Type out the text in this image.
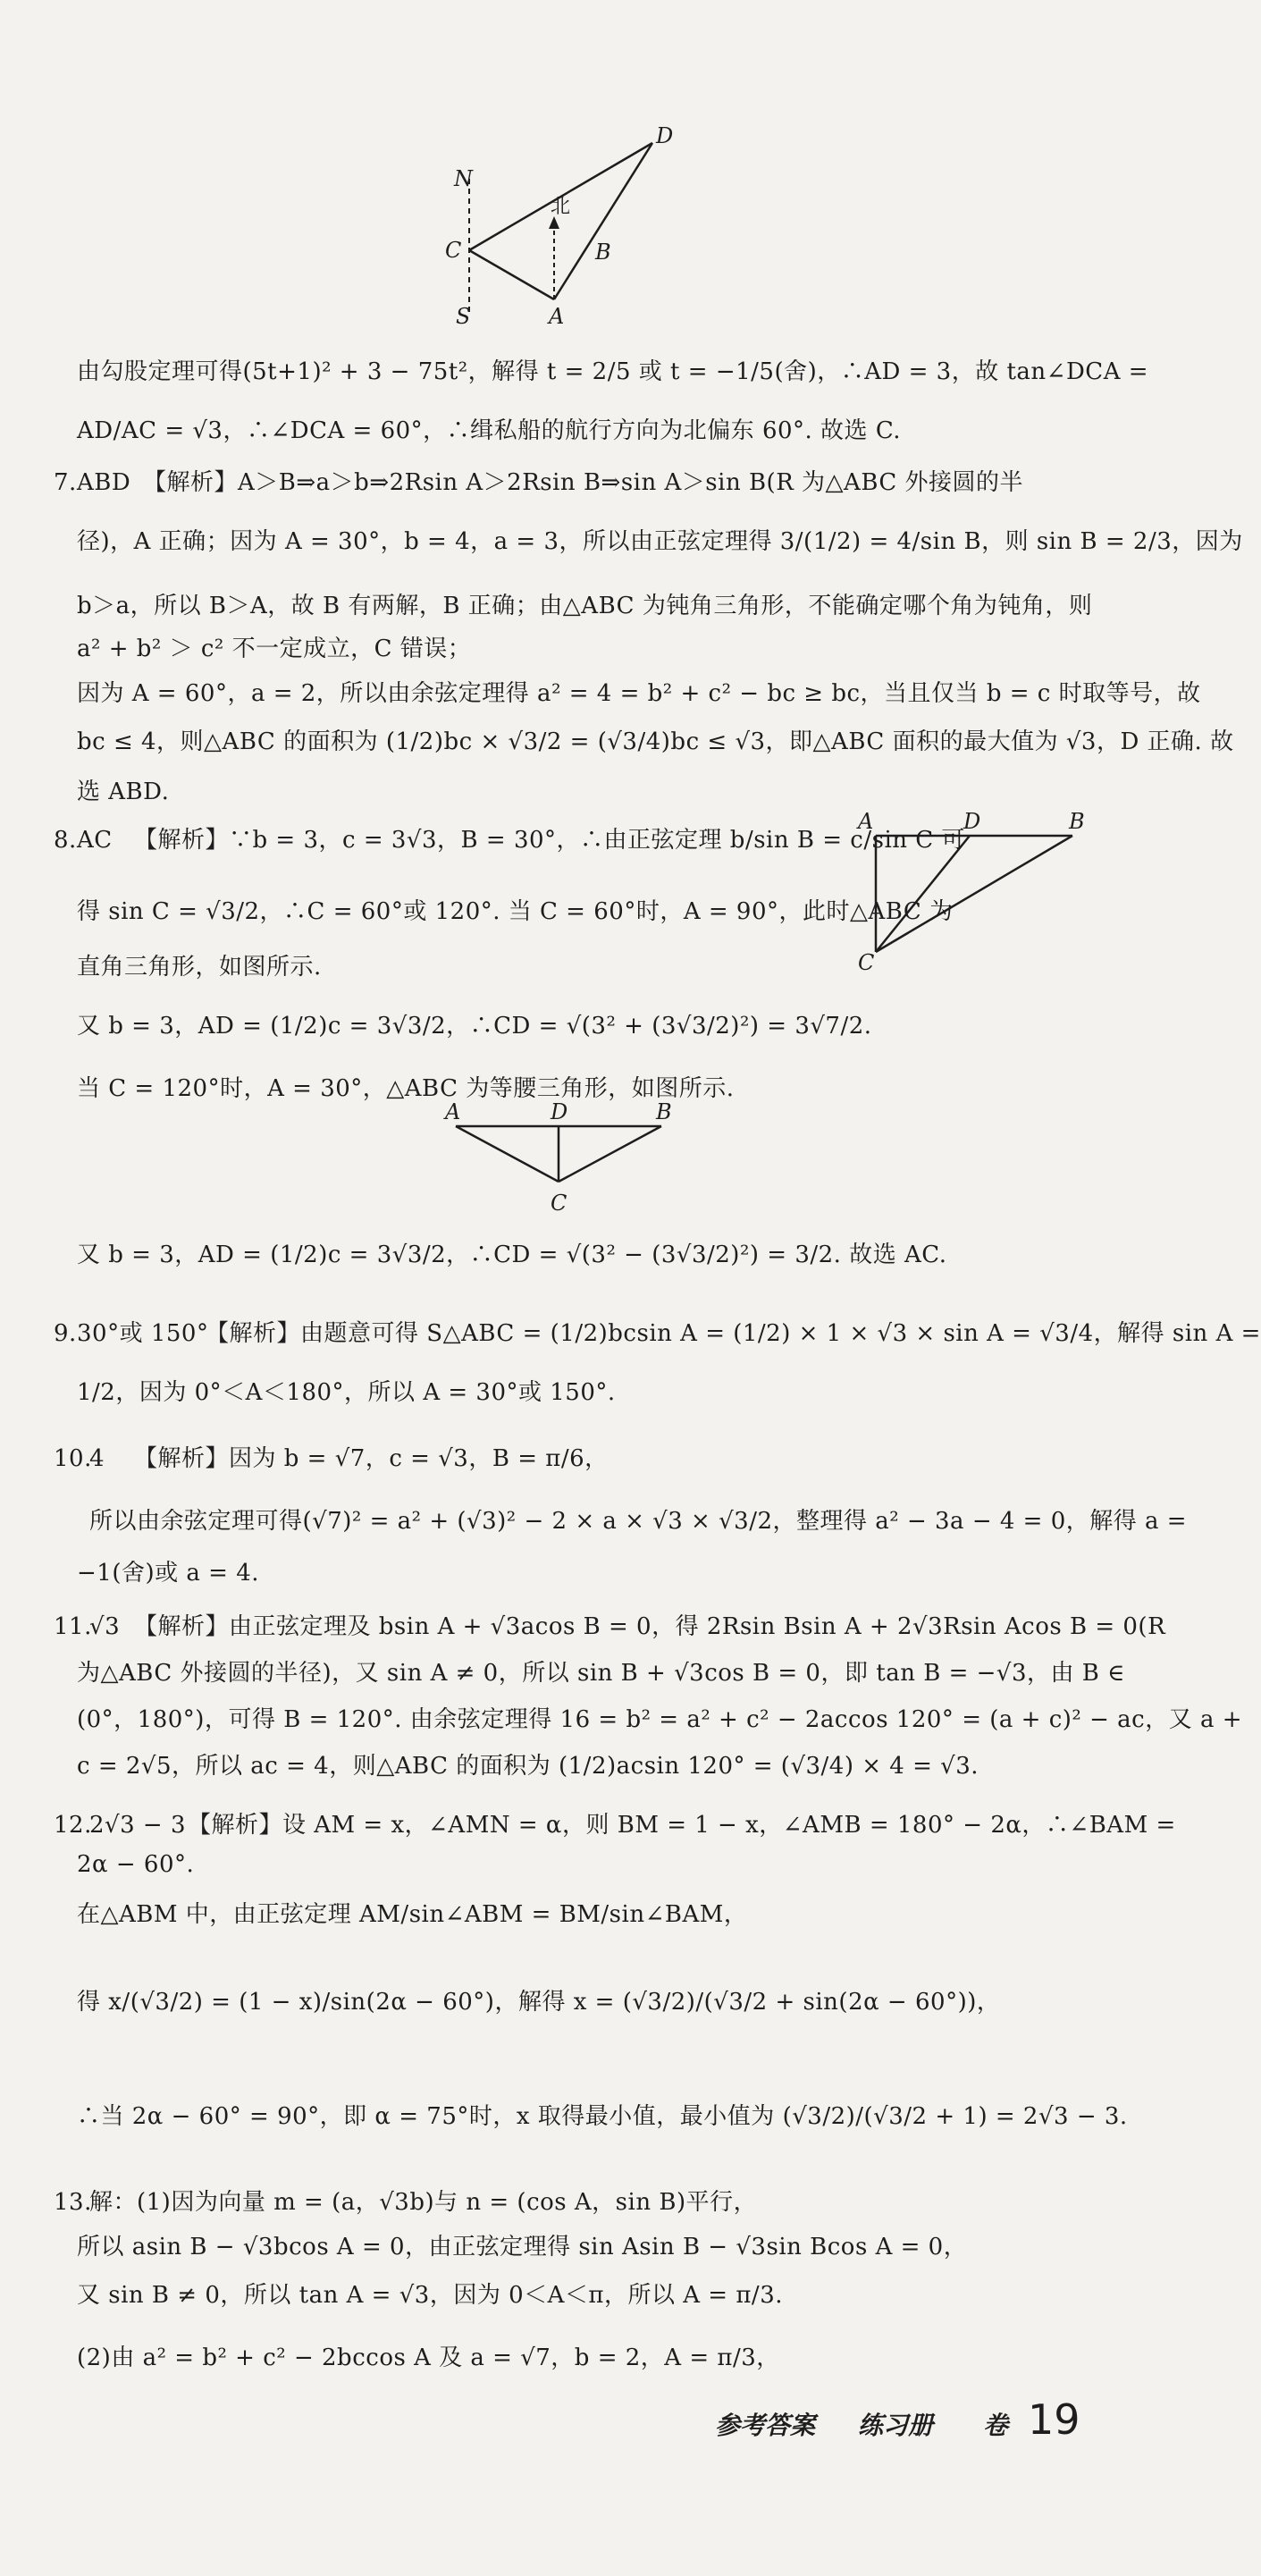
N
S
C
A
B
D
北
由勾股定理可得(5t+1)² + 3 − 75t²，解得 t = 2/5 或 t = −1/5(舍)，∴AD = 3，故 tan∠DCA =
AD/AC = √3，∴∠DCA = 60°，∴缉私船的航行方向为北偏东 60°. 故选 C.
7. ABD 【解析】A＞B⇒a＞b⇒2Rsin A＞2Rsin B⇒sin A＞sin B(R 为△ABC 外接圆的半
径)，A 正确；因为 A = 30°，b = 4，a = 3，所以由正弦定理得 3/(1/2) = 4/sin B，则 sin B = 2/3，因为
b＞a，所以 B＞A，故 B 有两解，B 正确；由△ABC 为钝角三角形，不能确定哪个角为钝角，则
a² + b² ＞ c² 不一定成立，C 错误；
因为 A = 60°，a = 2，所以由余弦定理得 a² = 4 = b² + c² − bc ≥ bc，当且仅当 b = c 时取等号，故
bc ≤ 4，则△ABC 的面积为 (1/2)bc × √3/2 = (√3/4)bc ≤ √3，即△ABC 面积的最大值为 √3，D 正确. 故
选 ABD.
8. AC 【解析】∵b = 3，c = 3√3，B = 30°，∴由正弦定理 b/sin B = c/sin C 可
得 sin C = √3/2，∴C = 60°或 120°. 当 C = 60°时，A = 90°，此时△ABC 为
直角三角形，如图所示.
A	D	B
C
又 b = 3，AD = (1/2)c = 3√3/2，∴CD = √(3² + (3√3/2)²) = 3√7/2.
当 C = 120°时，A = 30°，△ABC 为等腰三角形，如图所示.
A	D	B
C
又 b = 3，AD = (1/2)c = 3√3/2，∴CD = √(3² − (3√3/2)²) = 3/2. 故选 AC.
9. 30°或 150°
【解析】由题意可得 S△ABC = (1/2)bcsin A = (1/2) × 1 × √3 × sin A = √3/4，解得 sin A =
1/2，因为 0°＜A＜180°，所以 A = 30°或 150°.
10.
4	【解析】因为 b = √7，c = √3，B = π/6，
所以由余弦定理可得(√7)² = a² + (√3)² − 2 × a × √3 × √3/2，整理得 a² − 3a − 4 = 0，解得 a =
−1(舍)或 a = 4.
11.
√3 【解析】由正弦定理及 bsin A + √3acos B = 0，得 2Rsin Bsin A + 2√3Rsin Acos B = 0(R
为△ABC 外接圆的半径)，又 sin A ≠ 0，所以 sin B + √3cos B = 0，即 tan B = −√3，由 B ∈
(0°，180°)，可得 B = 120°. 由余弦定理得 16 = b² = a² + c² − 2accos 120° = (a + c)² − ac，又 a +
c = 2√5，所以 ac = 4，则△ABC 的面积为 (1/2)acsin 120° = (√3/4) × 4 = √3.
12.
2√3 − 3 【解析】设 AM = x，∠AMN = α，则 BM = 1 − x，∠AMB = 180° − 2α，∴∠BAM =
2α − 60°.
在△ABM 中，由正弦定理 AM/sin∠ABM = BM/sin∠BAM，
得 x/(√3/2) = (1 − x)/sin(2α − 60°)，解得 x = (√3/2)/(√3/2 + sin(2α − 60°))，
∴当 2α − 60° = 90°，即 α = 75°时，x 取得最小值，最小值为 (√3/2)/(√3/2 + 1) = 2√3 − 3.
13.
解：(1)因为向量 m = (a，√3b)与 n = (cos A，sin B)平行，
所以 asin B − √3bcos A = 0，由正弦定理得 sin Asin B − √3sin Bcos A = 0，
又 sin B ≠ 0，所以 tan A = √3，因为 0＜A＜π，所以 A = π/3.
(2)由 a² = b² + c² − 2bccos A 及 a = √7，b = 2，A = π/3，
参考答案 练习册 卷 19
